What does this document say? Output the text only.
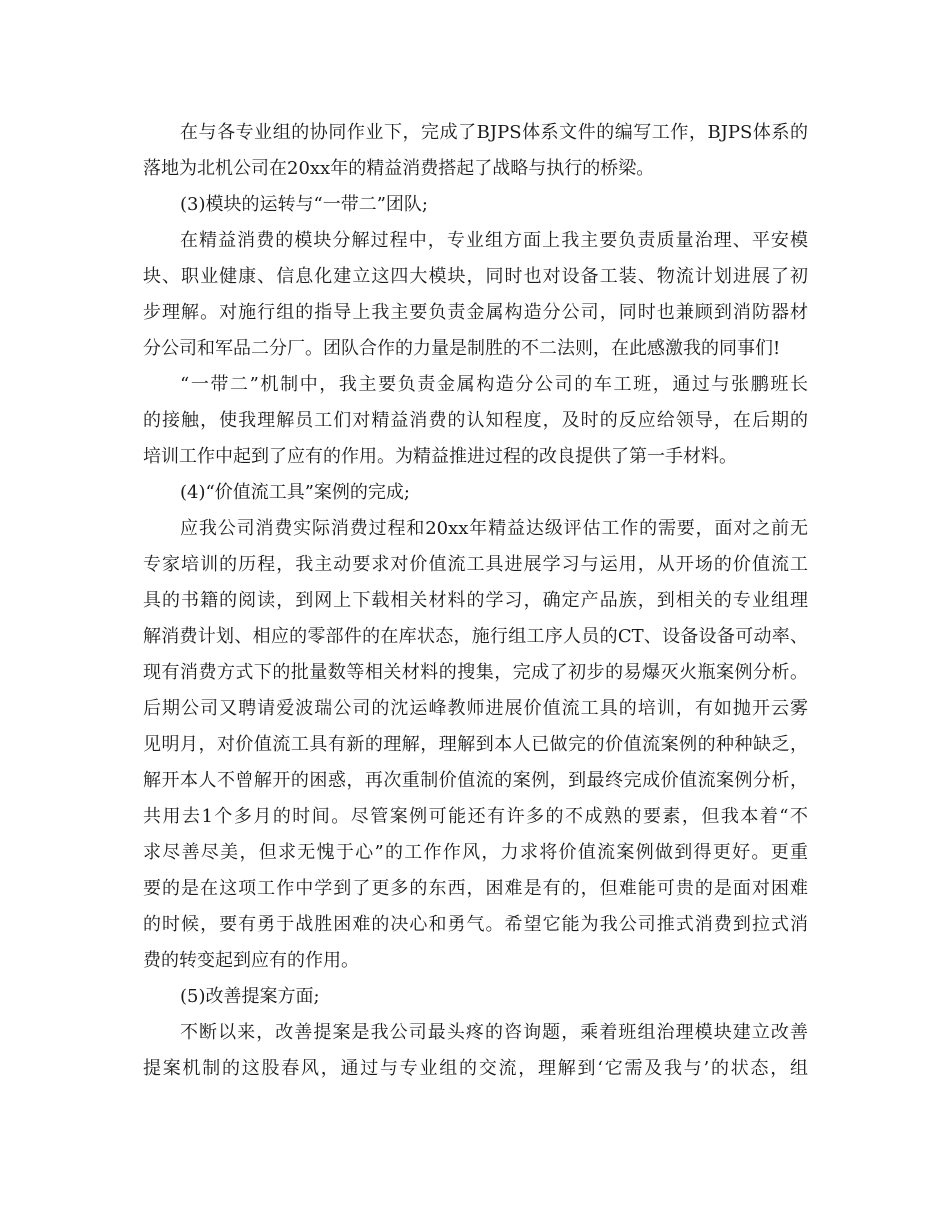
在与各专业组的协同作业下，完成了BJPS体系文件的编写工作，BJPS体系的
落地为北机公司在20xx年的精益消费搭起了战略与执行的桥梁。
(3)模块的运转与“一带二”团队;
在精益消费的模块分解过程中，专业组方面上我主要负责质量治理、平安模
块、职业健康、信息化建立这四大模块，同时也对设备工装、物流计划进展了初
步理解。对施行组的指导上我主要负责金属构造分公司，同时也兼顾到消防器材
分公司和军品二分厂。团队合作的力量是制胜的不二法则，在此感激我的同事们!
“一带二”机制中，我主要负责金属构造分公司的车工班，通过与张鹏班长
的接触，使我理解员工们对精益消费的认知程度，及时的反应给领导，在后期的
培训工作中起到了应有的作用。为精益推进过程的改良提供了第一手材料。
(4)“价值流工具”案例的完成;
应我公司消费实际消费过程和20xx年精益达级评估工作的需要，面对之前无
专家培训的历程，我主动要求对价值流工具进展学习与运用，从开场的价值流工
具的书籍的阅读，到网上下载相关材料的学习，确定产品族，到相关的专业组理
解消费计划、相应的零部件的在库状态，施行组工序人员的CT、设备设备可动率、
现有消费方式下的批量数等相关材料的搜集，完成了初步的易爆灭火瓶案例分析。
后期公司又聘请爱波瑞公司的沈运峰教师进展价值流工具的培训，有如抛开云雾
见明月，对价值流工具有新的理解，理解到本人已做完的价值流案例的种种缺乏，
解开本人不曾解开的困惑，再次重制价值流的案例，到最终完成价值流案例分析，
共用去1个多月的时间。尽管案例可能还有许多的不成熟的要素，但我本着“不
求尽善尽美，但求无愧于心”的工作作风，力求将价值流案例做到得更好。更重
要的是在这项工作中学到了更多的东西，困难是有的，但难能可贵的是面对困难
的时候，要有勇于战胜困难的决心和勇气。希望它能为我公司推式消费到拉式消
费的转变起到应有的作用。
(5)改善提案方面;
不断以来，改善提案是我公司最头疼的咨询题，乘着班组治理模块建立改善
提案机制的这股春风，通过与专业组的交流，理解到‘它需及我与’的状态，组
